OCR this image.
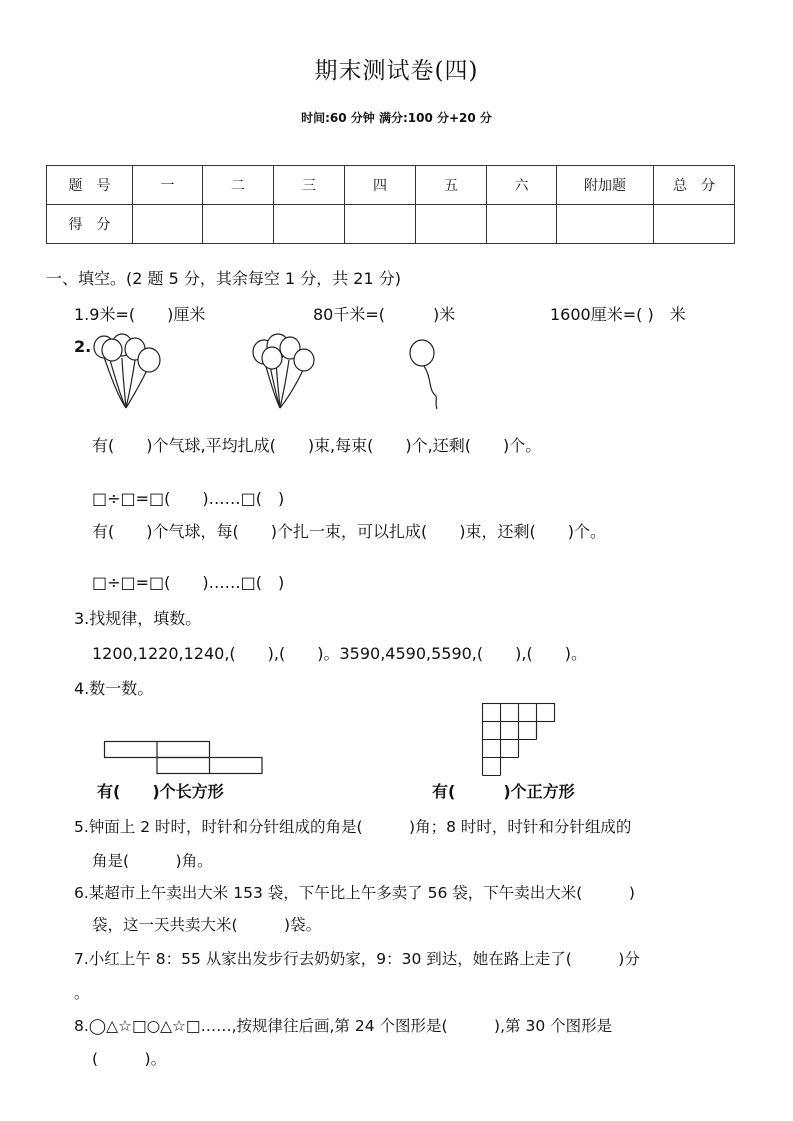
期末测试卷(四)
时间:60 分钟 满分:100 分+20 分
题　号	一	二	三	四	五	六	附加题	总　分
得　分								
一、填空。(2 题 5 分，其余每空 1 分，共 21 分)
1.9米=(　　)厘米	80千米=(　　　)米	1600厘米=( )　米
2.
有(　　)个气球,平均扎成(　　)束,每束(　　)个,还剩(　　)个。
□÷□=□(　　)……□(　)
有(　　)个气球，每(　　)个扎一束，可以扎成(　　)束，还剩(　　)个。
□÷□=□(　　)……□(　)
3.找规律，填数。
1200,1220,1240,(　　),(　　)。3590,4590,5590,(　　),(　　)。
4.数一数。
有(　　)个长方形	有(　　　)个正方形
5.钟面上 2 时时，时针和分针组成的角是(　　　)角；8 时时，时针和分针组成的
角是(　　　)角。
6.某超市上午卖出大米 153 袋，下午比上午多卖了 56 袋，下午卖出大米(　　　)
袋，这一天共卖大米(　　　)袋。
7.小红上午 8：55 从家出发步行去奶奶家，9：30 到达，她在路上走了(　　　)分
。
8.◯△☆□○△☆□……,按规律往后画,第 24 个图形是(　　　),第 30 个图形是
(　　　)。
